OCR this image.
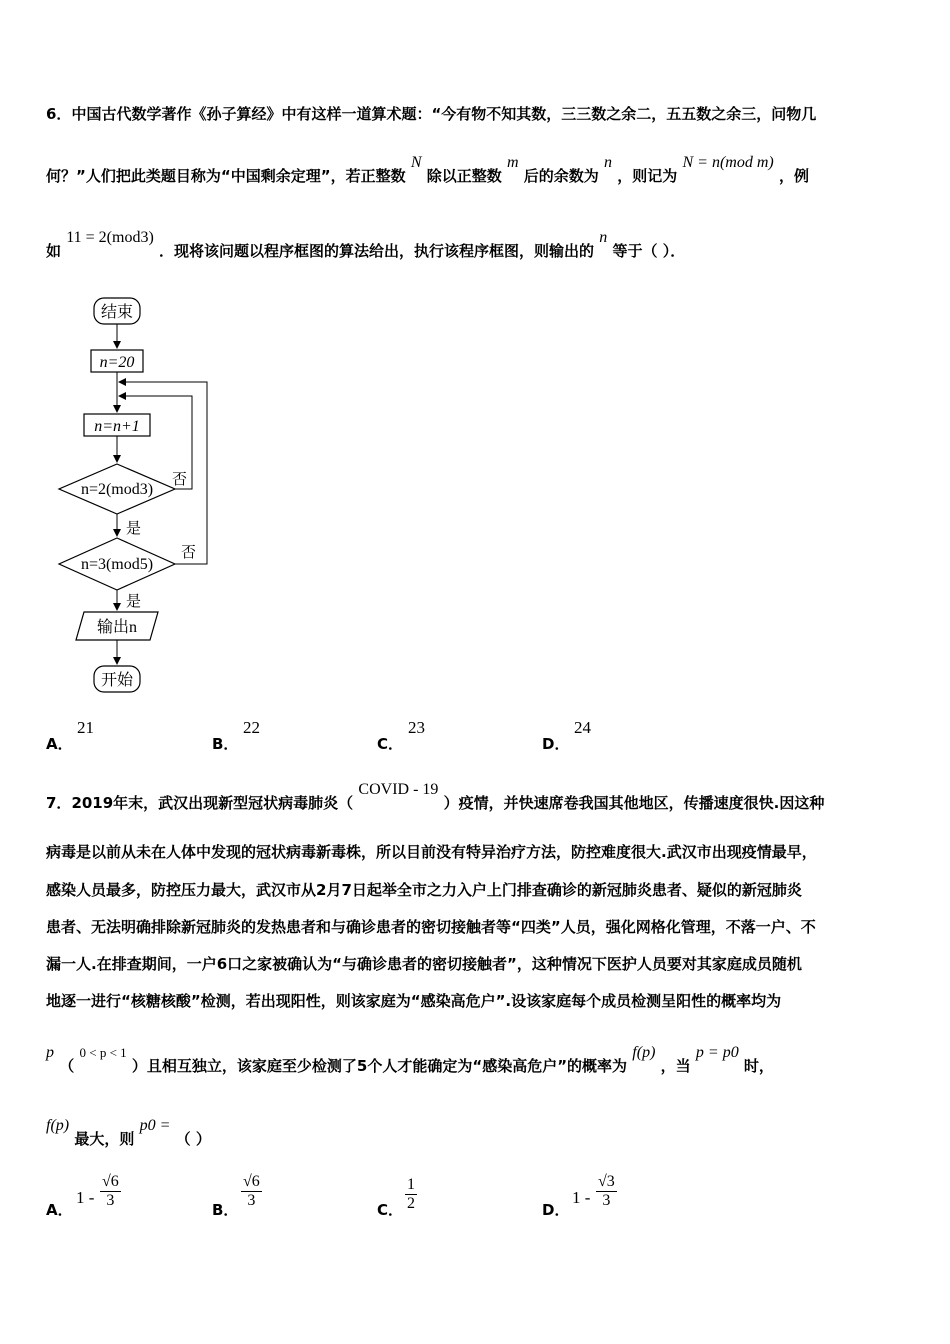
6．中国古代数学著作《孙子算经》中有这样一道算术题：“今有物不知其数，三三数之余二，五五数之余三，问物几
何？”人们把此类题目称为“中国剩余定理”，若正整数 N 除以正整数 m 后的余数为 n ，则记为 N = n(mod m) ，例
如 11 = 2(mod3) ．现将该问题以程序框图的算法给出，执行该程序框图，则输出的 n 等于（ ）．
结束
n=20
n=n+1
n=2(mod3)
否
是
n=3(mod5)
否
是
输出n
开始
A．
21
B．
22
C．
23
D．
24
7．2019年末，武汉出现新型冠状病毒肺炎（ COVID - 19 ）疫情，并快速席卷我国其他地区，传播速度很快.因这种
病毒是以前从未在人体中发现的冠状病毒新毒株，所以目前没有特异治疗方法，防控难度很大.武汉市出现疫情最早，
感染人员最多，防控压力最大，武汉市从2月7日起举全市之力入户上门排查确诊的新冠肺炎患者、疑似的新冠肺炎
患者、无法明确排除新冠肺炎的发热患者和与确诊患者的密切接触者等“四类”人员，强化网格化管理，不落一户、不
漏一人.在排查期间，一户6口之家被确认为“与确诊患者的密切接触者”，这种情况下医护人员要对其家庭成员随机
地逐一进行“核糖核酸”检测，若出现阳性，则该家庭为“感染高危户”.设该家庭每个成员检测呈阳性的概率均为
p （ 0 < p < 1 ）且相互独立，该家庭至少检测了5个人才能确定为“感染高危户”的概率为 f(p) ，当 p = p0 时，
f(p) 最大，则 p0 = （ ）
A．
$1 - \frac{√6}{3}$	B． $\frac{√6}{3}$	C． $\frac{1}{2}$	D．
$1 - \frac{√3}{3}$
